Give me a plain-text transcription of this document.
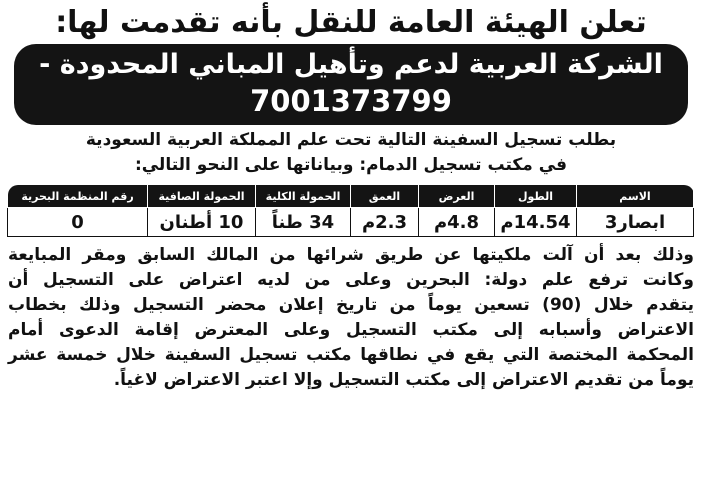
تعلن الهيئة العامة للنقل بأنه تقدمت لها:
الشركة العربية لدعم وتأهيل المباني المحدودة -
7001373799
بطلب تسجيل السفينة التالية تحت علم المملكة العربية السعودية
في مكتب تسجيل الدمام: وبياناتها على النحو التالي:
الاسم	الطول	العرض	العمق	الحمولة الكلية	الحمولة الصافية	رقم المنظمة البحرية
ابصار3	14.54م	4.8م	2.3م	34 طناً	10 أطنان	0
وذلك بعد أن آلت ملكيتها عن طريق شرائها من المالك السابق ومقر المبايعة
وكانت ترفع علم دولة: البحرين وعلى من لديه اعتراض على التسجيل أن
يتقدم خلال (90) تسعين يوماً من تاريخ إعلان محضر التسجيل وذلك بخطاب
الاعتراض وأسبابه إلى مكتب التسجيل وعلى المعترض إقامة الدعوى أمام
المحكمة المختصة التي يقع في نطاقها مكتب تسجيل السفينة خلال خمسة عشر
يوماً من تقديم الاعتراض إلى مكتب التسجيل وإلا اعتبر الاعتراض لاغياً.
